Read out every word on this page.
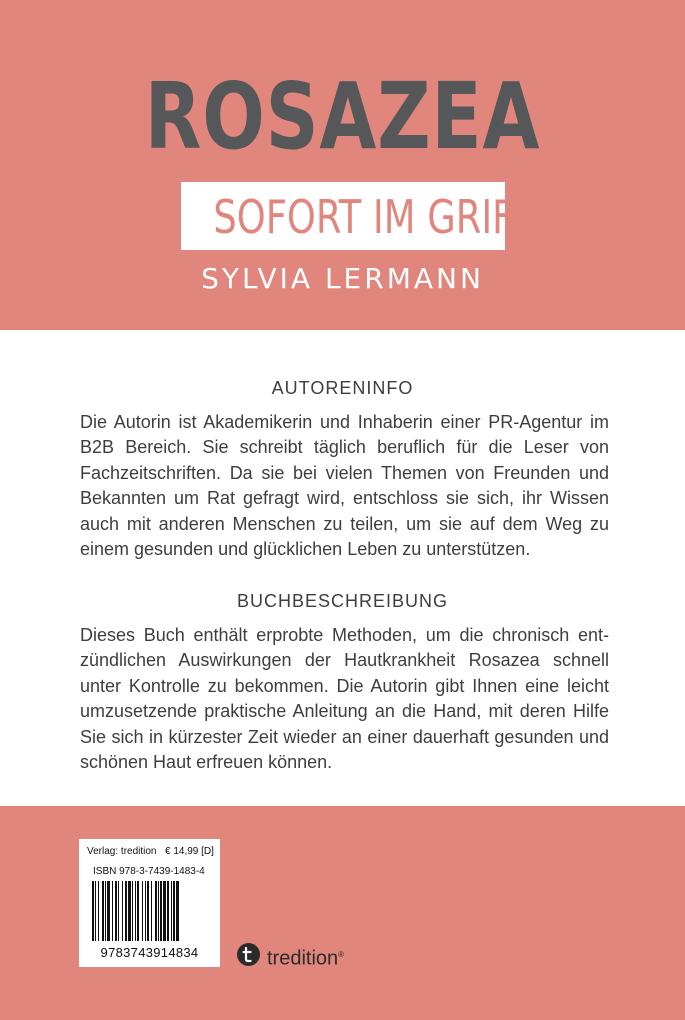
ROSAZEA
SOFORT IM GRIFF
SYLVIA LERMANN
AUTORENINFO
Die Autorin ist Akademikerin und Inhaberin einer PR-Agentur im B2B Bereich. Sie schreibt täglich beruflich für die Leser von Fachzeitschriften. Da sie bei vielen Themen von Freunden und Bekannten um Rat gefragt wird, entschloss sie sich, ihr Wissen auch mit anderen Menschen zu teilen, um sie auf dem Weg zu einem gesunden und glücklichen Leben zu unterstützen.
BUCHBESCHREIBUNG
Dieses Buch enthält erprobte Methoden, um die chronisch entzündlichen Auswirkungen der Hautkrankheit Rosazea schnell unter Kontrolle zu bekommen. Die Autorin gibt Ihnen eine leicht umzusetzende praktische Anleitung an die Hand, mit deren Hilfe Sie sich in kürzester Zeit wieder an einer dauerhaft gesunden und schönen Haut erfreuen können.
Verlag: tredition € 14,99 [D]
ISBN 978-3-7439-1483-4
9783743914834	tredition®
